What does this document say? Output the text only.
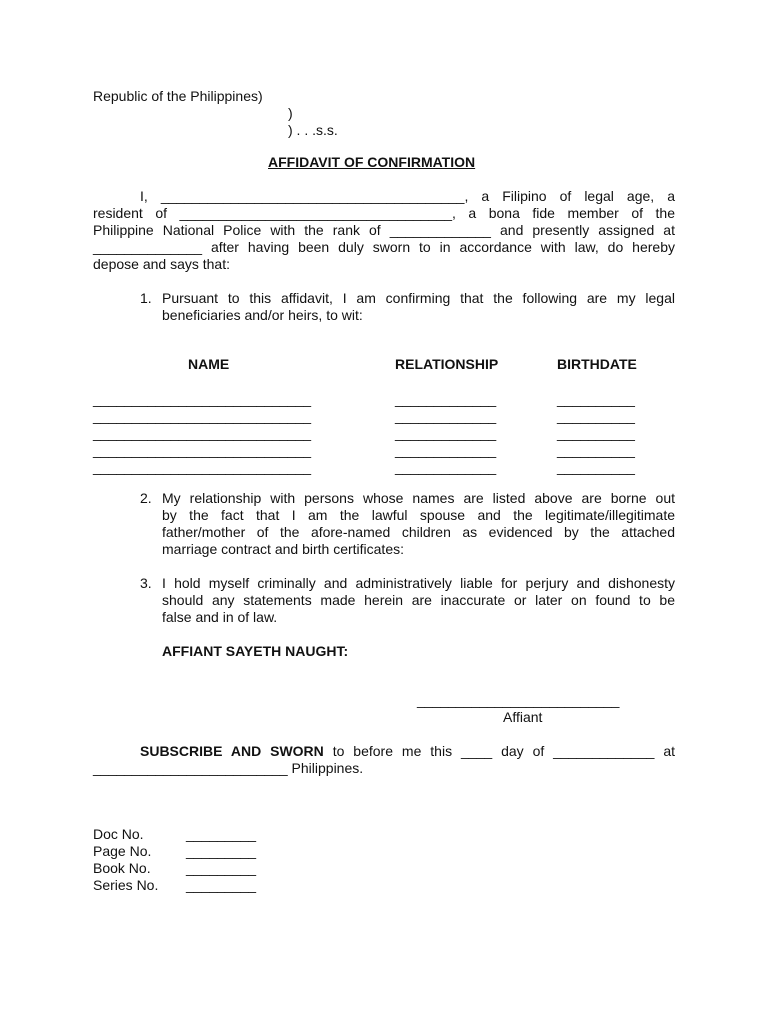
Republic of the Philippines)
)
) . . .s.s.
AFFIDAVIT OF CONFIRMATION
I, _______________________________________, a Filipino of legal age, a
resident of ___________________________________, a bona fide member of the
Philippine National Police with the rank of _____________ and presently assigned at
______________ after having been duly sworn to in accordance with law, do hereby
depose and says that:
1. Pursuant to this affidavit, I am confirming that the following are my legal
beneficiaries and/or heirs, to wit:
NAME	RELATIONSHIP	BIRTHDATE
____________________________	_____________	__________
____________________________	_____________	__________
____________________________	_____________	__________
____________________________	_____________	__________
____________________________	_____________	__________
2. My relationship with persons whose names are listed above are borne out
by the fact that I am the lawful spouse and the legitimate/illegitimate
father/mother of the afore-named children as evidenced by the attached
marriage contract and birth certificates:
3. I hold myself criminally and administratively liable for perjury and dishonesty
should any statements made herein are inaccurate or later on found to be
false and in of law.
AFFIANT SAYETH NAUGHT:
__________________________
Affiant
SUBSCRIBE AND SWORN to before me this ____ day of _____________ at
_________________________ Philippines.
Doc No.	_________
Page No. _________
Book No.	_________
Series No. _________
